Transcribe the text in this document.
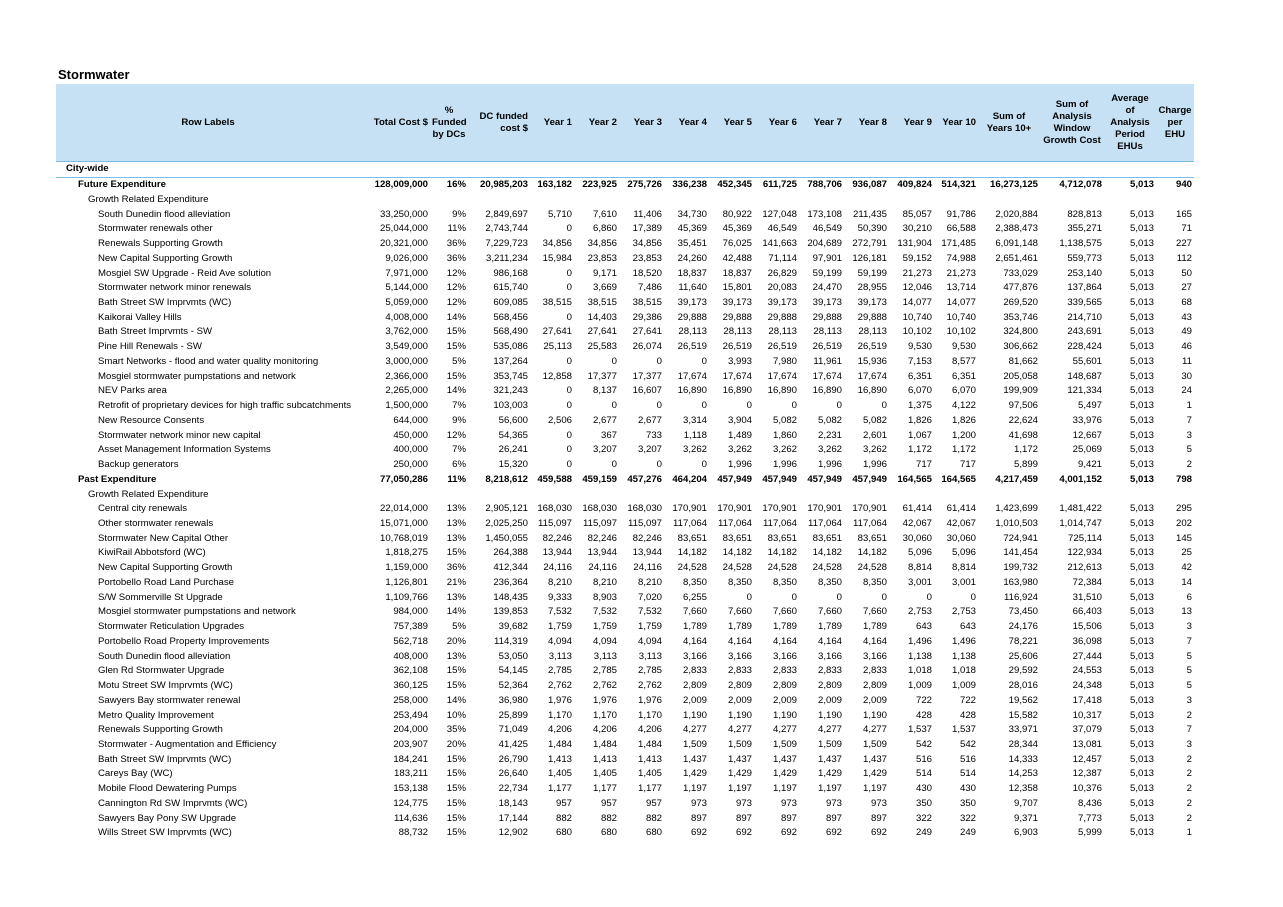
Stormwater
Row Labels	Total Cost $	% Funded by DCs	DC funded cost $	Year 1	Year 2	Year 3	Year 4	Year 5	Year 6	Year 7	Year 8	Year 9	Year 10	Sum of Years 10+	Sum of Analysis Window Growth Cost	Average of Analysis Period EHUs	Charge per EHU
City-wide																	
Future Expenditure	128,009,000	16%	20,985,203	163,182	223,925	275,726	336,238	452,345	611,725	788,706	936,087	409,824	514,321	16,273,125	4,712,078	5,013	940
Growth Related Expenditure																	
South Dunedin flood alleviation	33,250,000	9%	2,849,697	5,710	7,610	11,406	34,730	80,922	127,048	173,108	211,435	85,057	91,786	2,020,884	828,813	5,013	165
Stormwater renewals other	25,044,000	11%	2,743,744	0	6,860	17,389	45,369	45,369	46,549	46,549	50,390	30,210	66,588	2,388,473	355,271	5,013	71
Renewals Supporting Growth	20,321,000	36%	7,229,723	34,856	34,856	34,856	35,451	76,025	141,663	204,689	272,791	131,904	171,485	6,091,148	1,138,575	5,013	227
New Capital Supporting Growth	9,026,000	36%	3,211,234	15,984	23,853	23,853	24,260	42,488	71,114	97,901	126,181	59,152	74,988	2,651,461	559,773	5,013	112
Mosgiel SW Upgrade - Reid Ave solution	7,971,000	12%	986,168	0	9,171	18,520	18,837	18,837	26,829	59,199	59,199	21,273	21,273	733,029	253,140	5,013	50
Stormwater network minor renewals	5,144,000	12%	615,740	0	3,669	7,486	11,640	15,801	20,083	24,470	28,955	12,046	13,714	477,876	137,864	5,013	27
Bath Street SW Imprvmts (WC)	5,059,000	12%	609,085	38,515	38,515	38,515	39,173	39,173	39,173	39,173	39,173	14,077	14,077	269,520	339,565	5,013	68
Kaikorai Valley Hills	4,008,000	14%	568,456	0	14,403	29,386	29,888	29,888	29,888	29,888	29,888	10,740	10,740	353,746	214,710	5,013	43
Bath Street Imprvmts - SW	3,762,000	15%	568,490	27,641	27,641	27,641	28,113	28,113	28,113	28,113	28,113	10,102	10,102	324,800	243,691	5,013	49
Pine Hill Renewals - SW	3,549,000	15%	535,086	25,113	25,583	26,074	26,519	26,519	26,519	26,519	26,519	9,530	9,530	306,662	228,424	5,013	46
Smart Networks - flood and water quality monitoring	3,000,000	5%	137,264	0	0	0	0	3,993	7,980	11,961	15,936	7,153	8,577	81,662	55,601	5,013	11
Mosgiel stormwater pumpstations and network	2,366,000	15%	353,745	12,858	17,377	17,377	17,674	17,674	17,674	17,674	17,674	6,351	6,351	205,058	148,687	5,013	30
NEV Parks area	2,265,000	14%	321,243	0	8,137	16,607	16,890	16,890	16,890	16,890	16,890	6,070	6,070	199,909	121,334	5,013	24
Retrofit of proprietary devices for high traffic subcatchments	1,500,000	7%	103,003	0	0	0	0	0	0	0	0	1,375	4,122	97,506	5,497	5,013	1
New Resource Consents	644,000	9%	56,600	2,506	2,677	2,677	3,314	3,904	5,082	5,082	5,082	1,826	1,826	22,624	33,976	5,013	7
Stormwater network minor new capital	450,000	12%	54,365	0	367	733	1,118	1,489	1,860	2,231	2,601	1,067	1,200	41,698	12,667	5,013	3
Asset Management Information Systems	400,000	7%	26,241	0	3,207	3,207	3,262	3,262	3,262	3,262	3,262	1,172	1,172	1,172	25,069	5,013	5
Backup generators	250,000	6%	15,320	0	0	0	0	1,996	1,996	1,996	1,996	717	717	5,899	9,421	5,013	2
Past Expenditure	77,050,286	11%	8,218,612	459,588	459,159	457,276	464,204	457,949	457,949	457,949	457,949	164,565	164,565	4,217,459	4,001,152	5,013	798
Growth Related Expenditure																	
Central city renewals	22,014,000	13%	2,905,121	168,030	168,030	168,030	170,901	170,901	170,901	170,901	170,901	61,414	61,414	1,423,699	1,481,422	5,013	295
Other stormwater renewals	15,071,000	13%	2,025,250	115,097	115,097	115,097	117,064	117,064	117,064	117,064	117,064	42,067	42,067	1,010,503	1,014,747	5,013	202
Stormwater New Capital Other	10,768,019	13%	1,450,055	82,246	82,246	82,246	83,651	83,651	83,651	83,651	83,651	30,060	30,060	724,941	725,114	5,013	145
KiwiRail Abbotsford (WC)	1,818,275	15%	264,388	13,944	13,944	13,944	14,182	14,182	14,182	14,182	14,182	5,096	5,096	141,454	122,934	5,013	25
New Capital Supporting Growth	1,159,000	36%	412,344	24,116	24,116	24,116	24,528	24,528	24,528	24,528	24,528	8,814	8,814	199,732	212,613	5,013	42
Portobello Road Land Purchase	1,126,801	21%	236,364	8,210	8,210	8,210	8,350	8,350	8,350	8,350	8,350	3,001	3,001	163,980	72,384	5,013	14
S/W Sommerville St Upgrade	1,109,766	13%	148,435	9,333	8,903	7,020	6,255	0	0	0	0	0	0	116,924	31,510	5,013	6
Mosgiel stormwater pumpstations and network	984,000	14%	139,853	7,532	7,532	7,532	7,660	7,660	7,660	7,660	7,660	2,753	2,753	73,450	66,403	5,013	13
Stormwater Reticulation Upgrades	757,389	5%	39,682	1,759	1,759	1,759	1,789	1,789	1,789	1,789	1,789	643	643	24,176	15,506	5,013	3
Portobello Road Property Improvements	562,718	20%	114,319	4,094	4,094	4,094	4,164	4,164	4,164	4,164	4,164	1,496	1,496	78,221	36,098	5,013	7
South Dunedin flood alleviation	408,000	13%	53,050	3,113	3,113	3,113	3,166	3,166	3,166	3,166	3,166	1,138	1,138	25,606	27,444	5,013	5
Glen Rd Stormwater Upgrade	362,108	15%	54,145	2,785	2,785	2,785	2,833	2,833	2,833	2,833	2,833	1,018	1,018	29,592	24,553	5,013	5
Motu Street SW Imprvmts (WC)	360,125	15%	52,364	2,762	2,762	2,762	2,809	2,809	2,809	2,809	2,809	1,009	1,009	28,016	24,348	5,013	5
Sawyers Bay stormwater renewal	258,000	14%	36,980	1,976	1,976	1,976	2,009	2,009	2,009	2,009	2,009	722	722	19,562	17,418	5,013	3
Metro Quality Improvement	253,494	10%	25,899	1,170	1,170	1,170	1,190	1,190	1,190	1,190	1,190	428	428	15,582	10,317	5,013	2
Renewals Supporting Growth	204,000	35%	71,049	4,206	4,206	4,206	4,277	4,277	4,277	4,277	4,277	1,537	1,537	33,971	37,079	5,013	7
Stormwater - Augmentation and Efficiency	203,907	20%	41,425	1,484	1,484	1,484	1,509	1,509	1,509	1,509	1,509	542	542	28,344	13,081	5,013	3
Bath Street SW Imprvmts (WC)	184,241	15%	26,790	1,413	1,413	1,413	1,437	1,437	1,437	1,437	1,437	516	516	14,333	12,457	5,013	2
Careys Bay (WC)	183,211	15%	26,640	1,405	1,405	1,405	1,429	1,429	1,429	1,429	1,429	514	514	14,253	12,387	5,013	2
Mobile Flood Dewatering Pumps	153,138	15%	22,734	1,177	1,177	1,177	1,197	1,197	1,197	1,197	1,197	430	430	12,358	10,376	5,013	2
Cannington Rd SW Imprvmts (WC)	124,775	15%	18,143	957	957	957	973	973	973	973	973	350	350	9,707	8,436	5,013	2
Sawyers Bay Pony SW Upgrade	114,636	15%	17,144	882	882	882	897	897	897	897	897	322	322	9,371	7,773	5,013	2
Wills Street SW Imprvmts (WC)	88,732	15%	12,902	680	680	680	692	692	692	692	692	249	249	6,903	5,999	5,013	1
